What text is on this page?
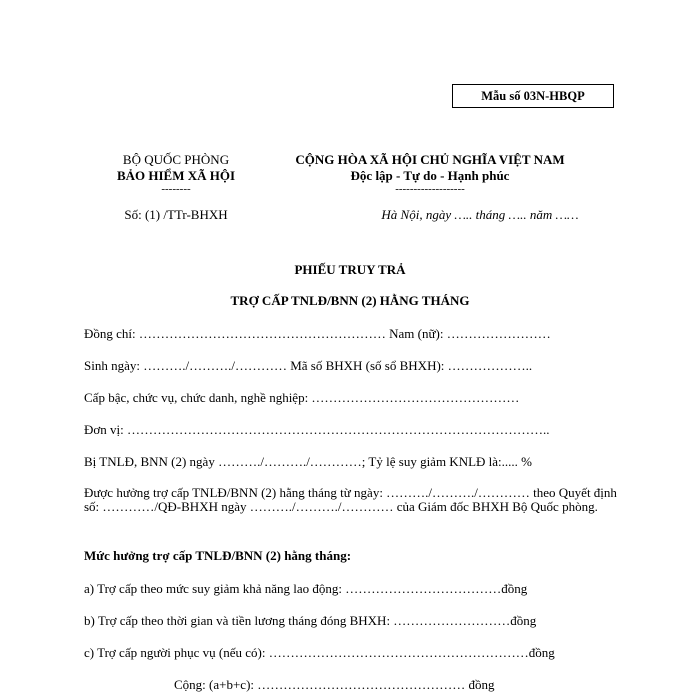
Mẫu số 03N-HBQP
BỘ QUỐC PHÒNG
BẢO HIỂM XÃ HỘI
--------
Số: (1) /TTr-BHXH
CỘNG HÒA XÃ HỘI CHỦ NGHĨA VIỆT NAM
Độc lập - Tự do - Hạnh phúc
-------------------
Hà Nội, ngày ….. tháng ….. năm ……
PHIẾU TRUY TRẢ
TRỢ CẤP TNLĐ/BNN (2) HẰNG THÁNG
Đồng chí: ………………………………………………… Nam (nữ): ……………………
Sinh ngày: ………./………./………… Mã số BHXH (số sổ BHXH): ………………..
Cấp bậc, chức vụ, chức danh, nghề nghiệp: …………………………………………
Đơn vị: ……………………………………………………………………………………..
Bị TNLĐ, BNN (2) ngày ………./………./…………; Tỷ lệ suy giảm KNLĐ là:..... %
Được hưởng trợ cấp TNLĐ/BNN (2) hằng tháng từ ngày: ………./………./………… theo Quyết định số: …………/QĐ-BHXH ngày ………./………./………… của Giám đốc BHXH Bộ Quốc phòng.
Mức hưởng trợ cấp TNLĐ/BNN (2) hằng tháng:
a) Trợ cấp theo mức suy giảm khả năng lao động: ………………………………đồng
b) Trợ cấp theo thời gian và tiền lương tháng đóng BHXH: ………………………đồng
c) Trợ cấp người phục vụ (nếu có): ……………………………………………………đồng
Cộng: (a+b+c): ………………………………………… đồng
